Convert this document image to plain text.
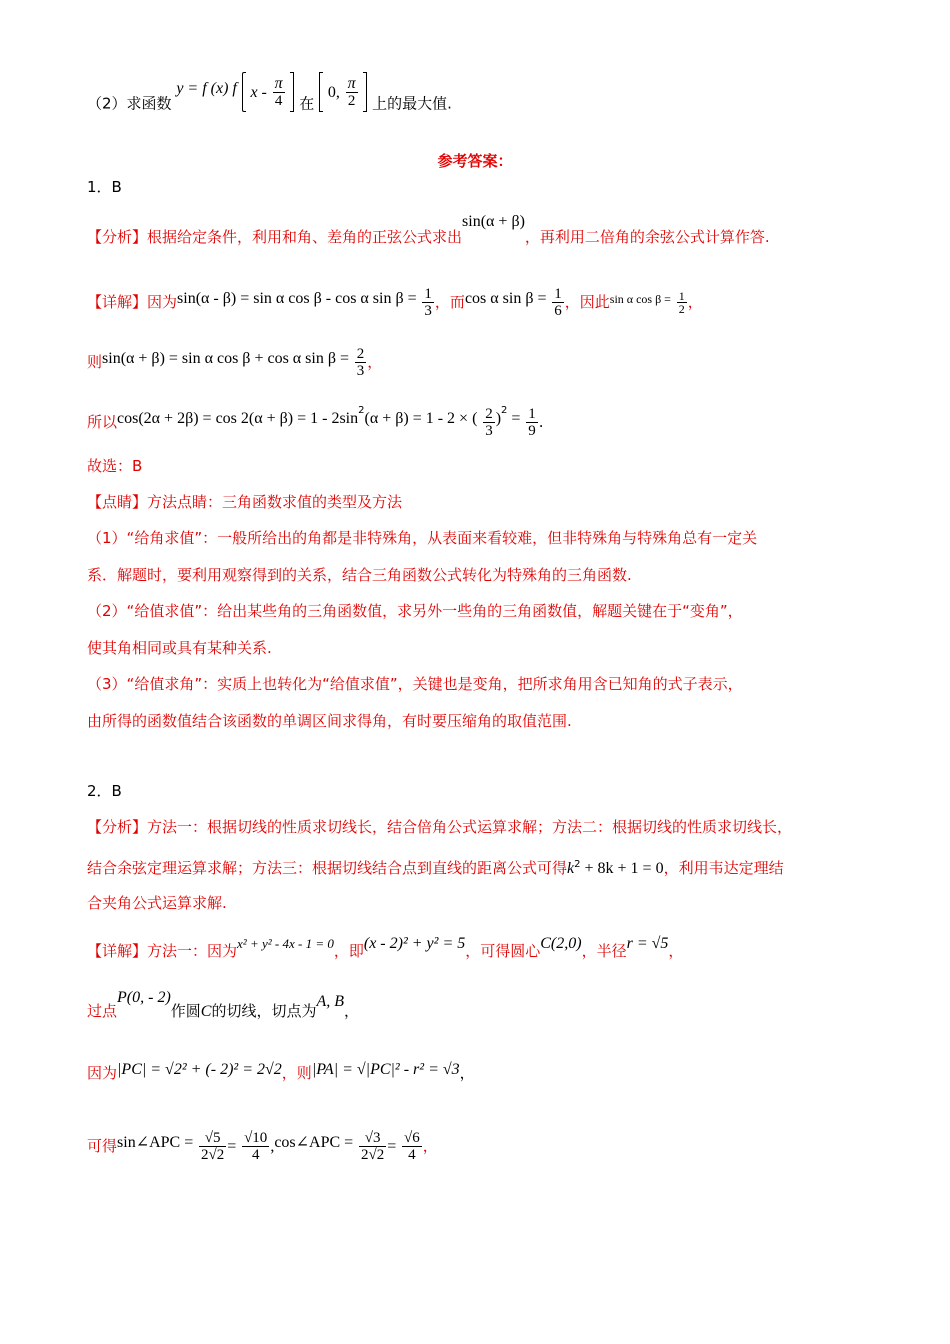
（2）求函数 y = f (x) f x - $\frac{\pi}{4}$ 在  0, $\frac{\pi}{2}$ 上的最大值.
参考答案：
1．B
【分析】根据给定条件，利用和角、差角的正弦公式求出sin(α + β)，再利用二倍角的余弦公式计算作答.
【详解】因为sin(α - β) = sin α cos β - cos α $\sin \beta = \frac{1}{3}$ ，而cos α $\sin \beta = \frac{1}{6}$ ，因此$^{sin \alpha cos \beta =} \frac{1}{2}$ ，
则sin(α + β) = sin α cos β + cos α $\sin \beta = \frac{2}{3}$ ，
所以$\cos(2\alpha + 2\beta) = \cos 2(\alpha + \beta) = 1 - 2\sin^2(\alpha + \beta) = 1 - 2$ × ( $\frac{2}{3} )^2 = \frac{1}{9}$ .
故选：B
【点睛】方法点睛：三角函数求值的类型及方法
（1）“给角求值”：一般所给出的角都是非特殊角，从表面来看较难，但非特殊角与特殊角总有一定关
系．解题时，要利用观察得到的关系，结合三角函数公式转化为特殊角的三角函数.
（2）“给值求值”：给出某些角的三角函数值，求另外一些角的三角函数值，解题关键在于“变角”，
使其角相同或具有某种关系.
（3）“给值求角”：实质上也转化为“给值求值”，关键也是变角，把所求角用含已知角的式子表示，
由所得的函数值结合该函数的单调区间求得角，有时要压缩角的取值范围.
2．B
【分析】方法一：根据切线的性质求切线长，结合倍角公式运算求解；方法二：根据切线的性质求切线长，
结合余弦定理运算求解；方法三：根据切线结合点到直线的距离公式可得$k^2 + 8k + 1 = 0$，利用韦达定理结
合夹角公式运算求解.
【详解】方法一：因为x² + y² - 4x - 1 = 0，即(x - 2)² + y² = 5，可得圆心C(2,0)，半径r = √5，
过点P(0, - 2)作圆C的切线，切点为A, B，
因为|PC| = √2² + (- 2)² = 2√2，则|PA| = √|PC|² - r² = √3，
可得sin∠APC = $\frac{√5}{2√2} = \frac{√10}{4}$ ,cos∠APC = $\frac{√3}{2√2} = \frac{√6}{4}$ ，
